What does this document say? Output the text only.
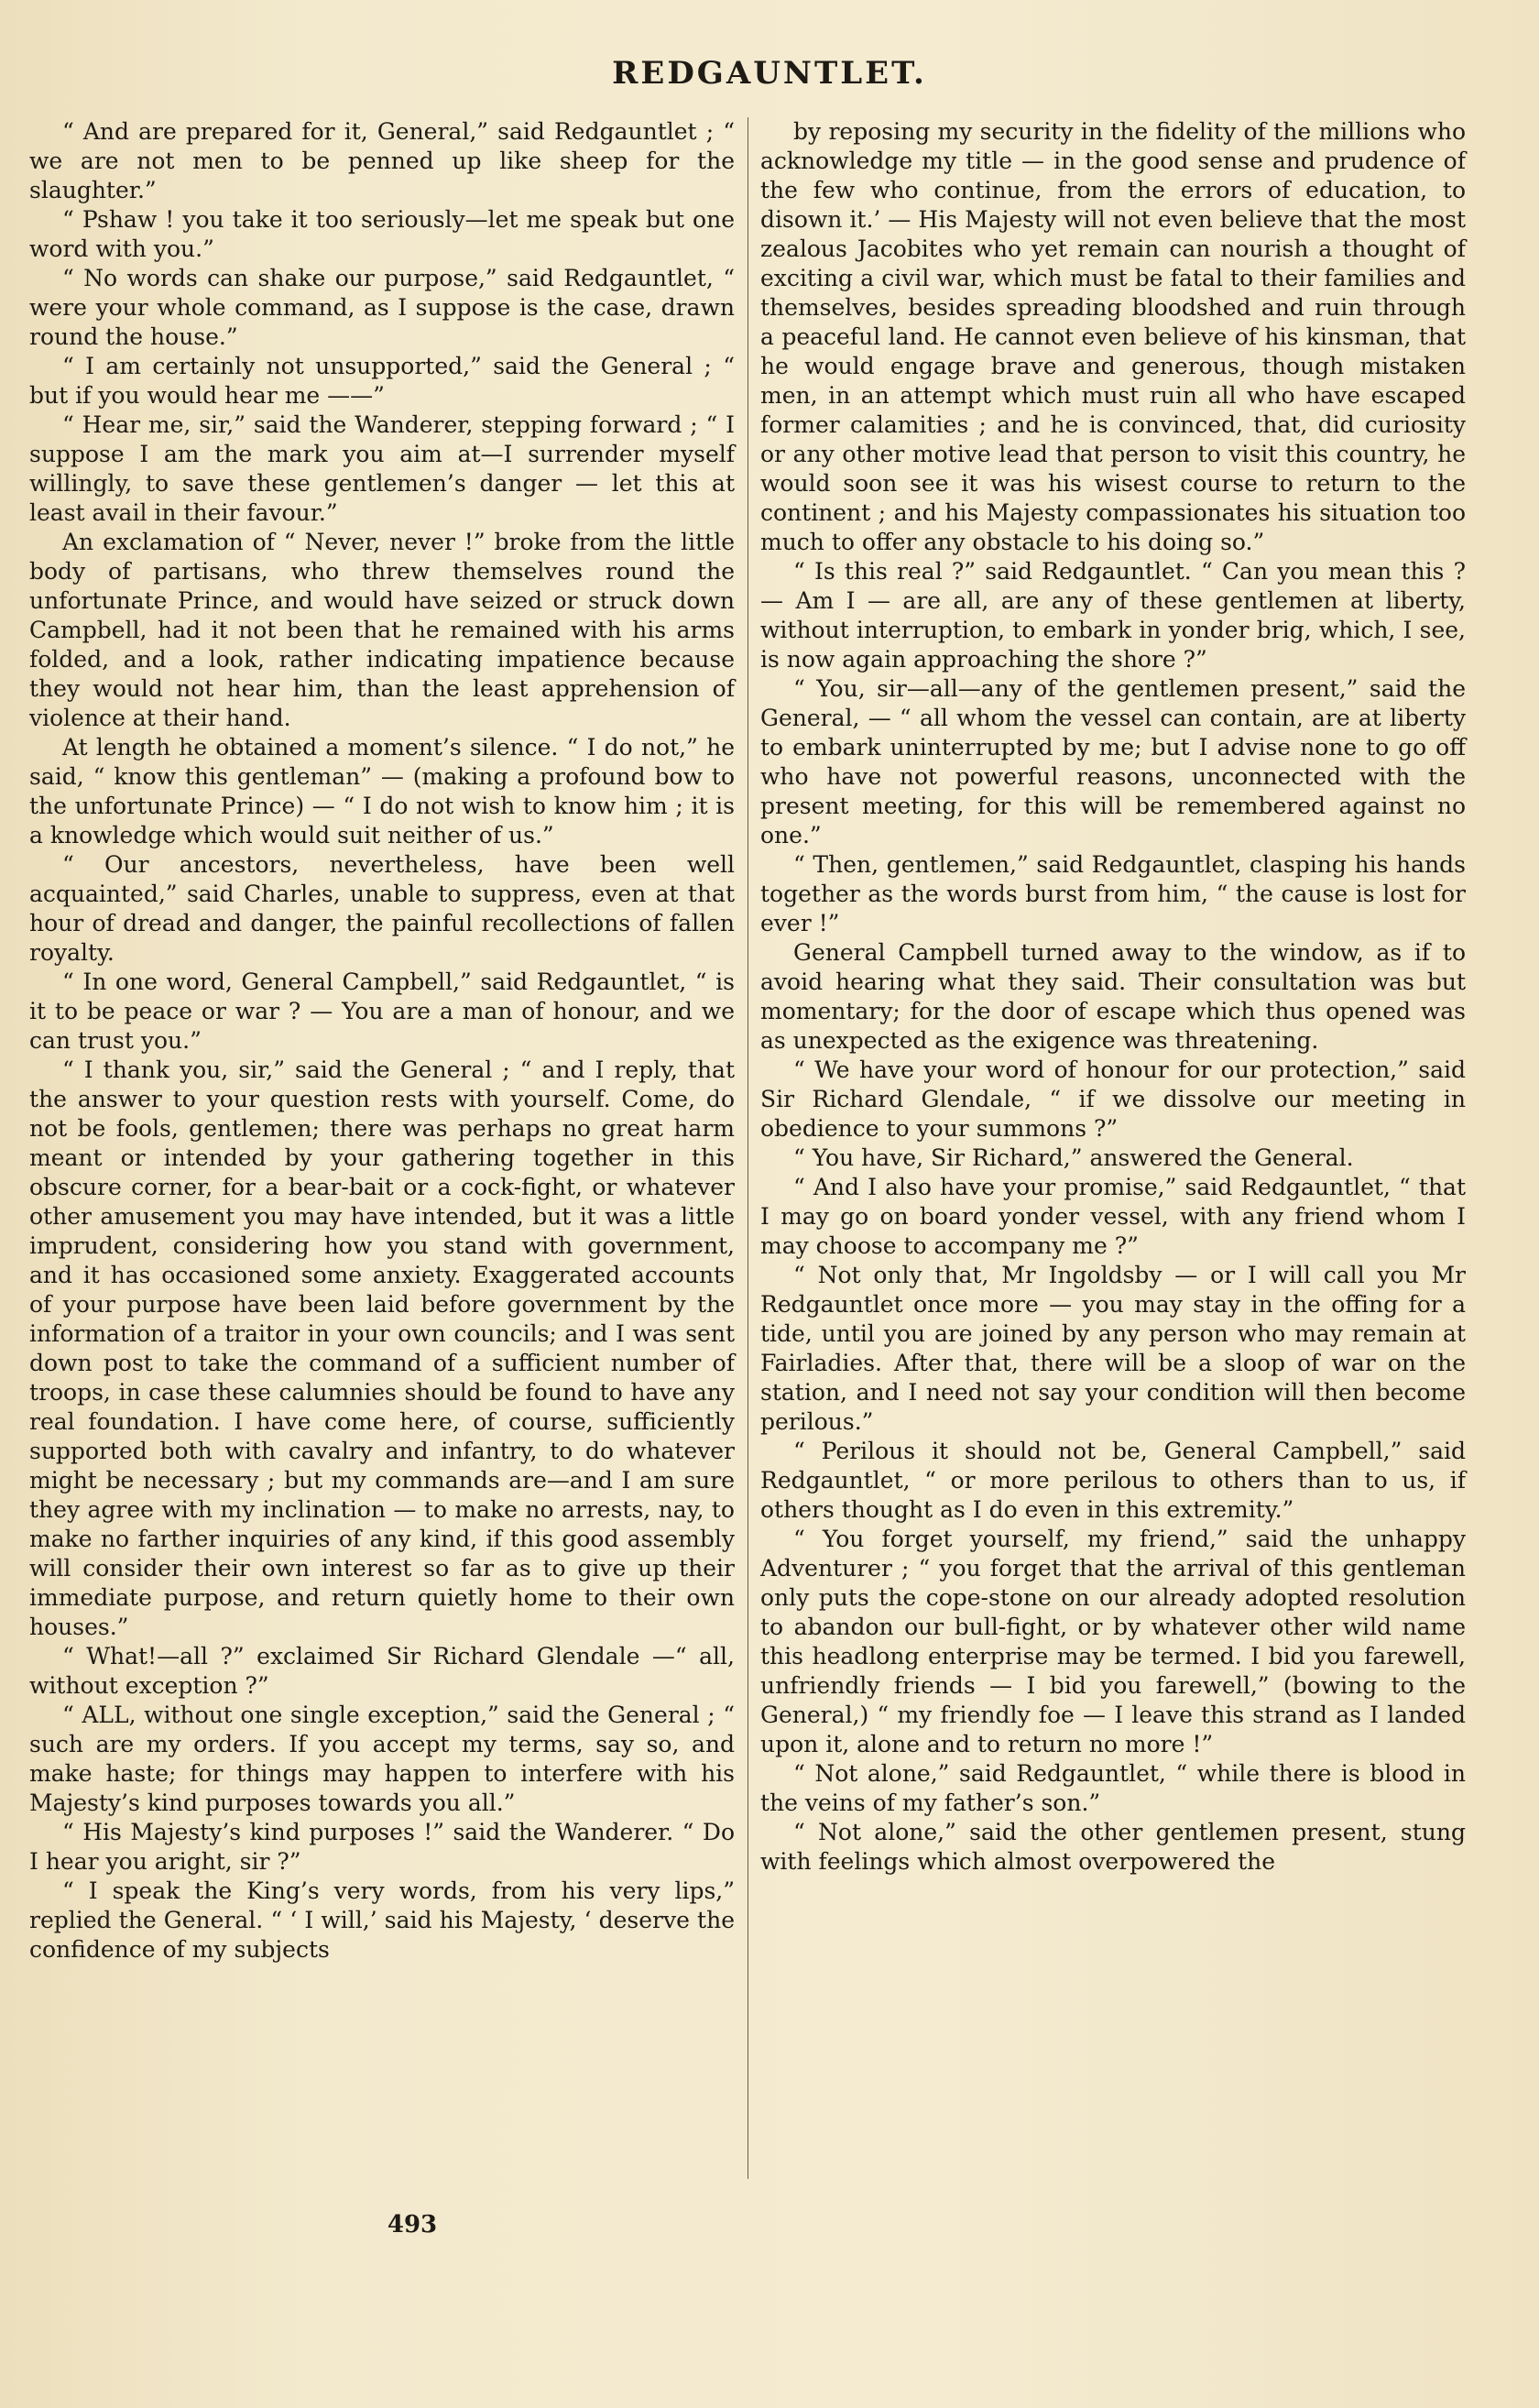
REDGAUNTLET.

“ And are prepared for it, General,” said Redgauntlet ; “ we are not men to be penned up like sheep for the slaughter.”

“ Pshaw ! you take it too seriously—let me speak but one word with you.”

“ No words can shake our purpose,” said Redgauntlet, “ were your whole command, as I suppose is the case, drawn round the house.”

“ I am certainly not unsupported,” said the General ; “ but if you would hear me ——”

“ Hear me, sir,” said the Wanderer, stepping forward ; “ I suppose I am the mark you aim at—I surrender myself willingly, to save these gentlemen’s danger — let this at least avail in their favour.”

An exclamation of “ Never, never !” broke from the little body of partisans, who threw themselves round the unfortunate Prince, and would have seized or struck down Campbell, had it not been that he remained with his arms folded, and a look, rather indicating impatience because they would not hear him, than the least apprehension of violence at their hand.

At length he obtained a moment’s silence. “ I do not,” he said, “ know this gentleman” — (making a profound bow to the unfortunate Prince) — “ I do not wish to know him ; it is a knowledge which would suit neither of us.”

“ Our ancestors, nevertheless, have been well acquainted,” said Charles, unable to suppress, even at that hour of dread and danger, the painful recollections of fallen royalty.

“ In one word, General Campbell,” said Redgauntlet, “ is it to be peace or war ? — You are a man of honour, and we can trust you.”

“ I thank you, sir,” said the General ; “ and I reply, that the answer to your question rests with yourself. Come, do not be fools, gentlemen; there was perhaps no great harm meant or intended by your gathering together in this obscure corner, for a bear-bait or a cock-fight, or whatever other amusement you may have intended, but it was a little imprudent, considering how you stand with government, and it has occasioned some anxiety. Exaggerated accounts of your purpose have been laid before government by the information of a traitor in your own councils; and I was sent down post to take the command of a sufficient number of troops, in case these calumnies should be found to have any real foundation. I have come here, of course, sufficiently supported both with cavalry and infantry, to do whatever might be necessary ; but my commands are—and I am sure they agree with my inclination — to make no arrests, nay, to make no farther inquiries of any kind, if this good assembly will consider their own interest so far as to give up their immediate purpose, and return quietly home to their own houses.”

“ What!—all ?” exclaimed Sir Richard Glendale —“ all, without exception ?”

“ ALL, without one single exception,” said the General ; “ such are my orders. If you accept my terms, say so, and make haste; for things may happen to interfere with his Majesty’s kind purposes towards you all.”

“ His Majesty’s kind purposes !” said the Wanderer. “ Do I hear you aright, sir ?”

“ I speak the King’s very words, from his very lips,” replied the General. “ ‘ I will,’ said his Majesty, ‘ deserve the confidence of my subjects

by reposing my security in the fidelity of the millions who acknowledge my title — in the good sense and prudence of the few who continue, from the errors of education, to disown it.’ — His Majesty will not even believe that the most zealous Jacobites who yet remain can nourish a thought of exciting a civil war, which must be fatal to their families and themselves, besides spreading bloodshed and ruin through a peaceful land. He cannot even believe of his kinsman, that he would engage brave and generous, though mistaken men, in an attempt which must ruin all who have escaped former calamities ; and he is convinced, that, did curiosity or any other motive lead that person to visit this country, he would soon see it was his wisest course to return to the continent ; and his Majesty compassionates his situation too much to offer any obstacle to his doing so.”

“ Is this real ?” said Redgauntlet. “ Can you mean this ? — Am I — are all, are any of these gentlemen at liberty, without interruption, to embark in yonder brig, which, I see, is now again approaching the shore ?”

“ You, sir—all—any of the gentlemen present,” said the General, — “ all whom the vessel can contain, are at liberty to embark uninterrupted by me; but I advise none to go off who have not powerful reasons, unconnected with the present meeting, for this will be remembered against no one.”

“ Then, gentlemen,” said Redgauntlet, clasping his hands together as the words burst from him, “ the cause is lost for ever !”

General Campbell turned away to the window, as if to avoid hearing what they said. Their consultation was but momentary; for the door of escape which thus opened was as unexpected as the exigence was threatening.

“ We have your word of honour for our protection,” said Sir Richard Glendale, “ if we dissolve our meeting in obedience to your summons ?”

“ You have, Sir Richard,” answered the General.

“ And I also have your promise,” said Redgauntlet, “ that I may go on board yonder vessel, with any friend whom I may choose to accompany me ?”

“ Not only that, Mr Ingoldsby — or I will call you Mr Redgauntlet once more — you may stay in the offing for a tide, until you are joined by any person who may remain at Fairladies. After that, there will be a sloop of war on the station, and I need not say your condition will then become perilous.”

“ Perilous it should not be, General Campbell,” said Redgauntlet, “ or more perilous to others than to us, if others thought as I do even in this extremity.”

“ You forget yourself, my friend,” said the unhappy Adventurer ; “ you forget that the arrival of this gentleman only puts the cope-stone on our already adopted resolution to abandon our bull-fight, or by whatever other wild name this headlong enterprise may be termed. I bid you farewell, unfriendly friends — I bid you farewell,” (bowing to the General,) “ my friendly foe — I leave this strand as I landed upon it, alone and to return no more !”

“ Not alone,” said Redgauntlet, “ while there is blood in the veins of my father’s son.”

“ Not alone,” said the other gentlemen present, stung with feelings which almost overpowered the

493
